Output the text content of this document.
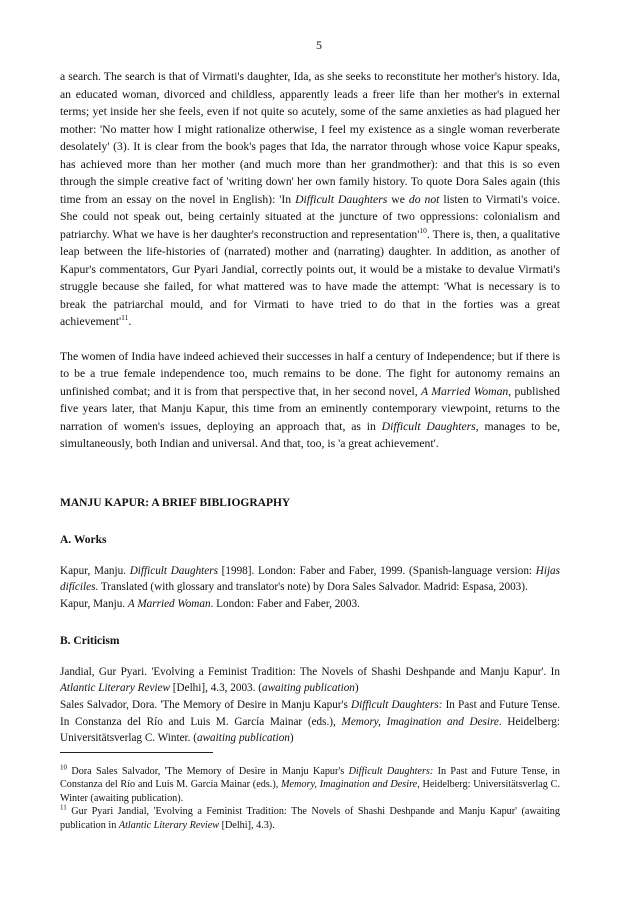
5

a search. The search is that of Virmati's daughter, Ida, as she seeks to reconstitute her mother's history. Ida, an educated woman, divorced and childless, apparently leads a freer life than her mother's in external terms; yet inside her she feels, even if not quite so acutely, some of the same anxieties as had plagued her mother: 'No matter how I might rationalize otherwise, I feel my existence as a single woman reverberate desolately' (3). It is clear from the book's pages that Ida, the narrator through whose voice Kapur speaks, has achieved more than her mother (and much more than her grandmother): and that this is so even through the simple creative fact of 'writing down' her own family history. To quote Dora Sales again (this time from an essay on the novel in English): 'In Difficult Daughters we do not listen to Virmati's voice. She could not speak out, being certainly situated at the juncture of two oppressions: colonialism and patriarchy. What we have is her daughter's reconstruction and $representation'^{10}$. There is, then, a qualitative leap between the life-histories of (narrated) mother and (narrating) daughter. In addition, as another of Kapur's commentators, Gur Pyari Jandial, correctly points out, it would be a mistake to devalue Virmati's struggle because she failed, for what mattered was to have made the attempt: 'What is necessary is to break the patriarchal mould, and for Virmati to have tried to do that in the forties was a great $achievement'^{11}$.

The women of India have indeed achieved their successes in half a century of Independence; but if there is to be a true female independence too, much remains to be done. The fight for autonomy remains an unfinished combat; and it is from that perspective that, in her second novel, A Married Woman, published five years later, that Manju Kapur, this time from an eminently contemporary viewpoint, returns to the narration of women's issues, deploying an approach that, as in Difficult Daughters, manages to be, simultaneously, both Indian and universal. And that, too, is 'a great achievement'.

MANJU KAPUR: A BRIEF BIBLIOGRAPHY

A. Works

Kapur, Manju. Difficult Daughters [1998]. London: Faber and Faber, 1999. (Spanish-language version: Hijas difíciles. Translated (with glossary and translator's note) by Dora Sales Salvador. Madrid: Espasa, 2003).
Kapur, Manju. A Married Woman. London: Faber and Faber, 2003.

B. Criticism

Jandial, Gur Pyari. 'Evolving a Feminist Tradition: The Novels of Shashi Deshpande and Manju Kapur'. In Atlantic Literary Review [Delhi], 4.3, 2003. (awaiting publication)
Sales Salvador, Dora. 'The Memory of Desire in Manju Kapur's Difficult Daughters: In Past and Future Tense. In Constanza del Río and Luis M. García Mainar (eds.), Memory, Imagination and Desire. Heidelberg: Universitätsverlag C. Winter. (awaiting publication)

$^{10}$ Dora Sales Salvador, 'The Memory of Desire in Manju Kapur's Difficult Daughters: In Past and Future Tense, in Constanza del Río and Luis M. García Mainar (eds.), Memory, Imagination and Desire, Heidelberg: Universitätsverlag C. Winter (awaiting publication).

$^{11}$ Gur Pyari Jandial, 'Evolving a Feminist Tradition: The Novels of Shashi Deshpande and Manju Kapur' (awaiting publication in Atlantic Literary Review [Delhi], 4.3).
